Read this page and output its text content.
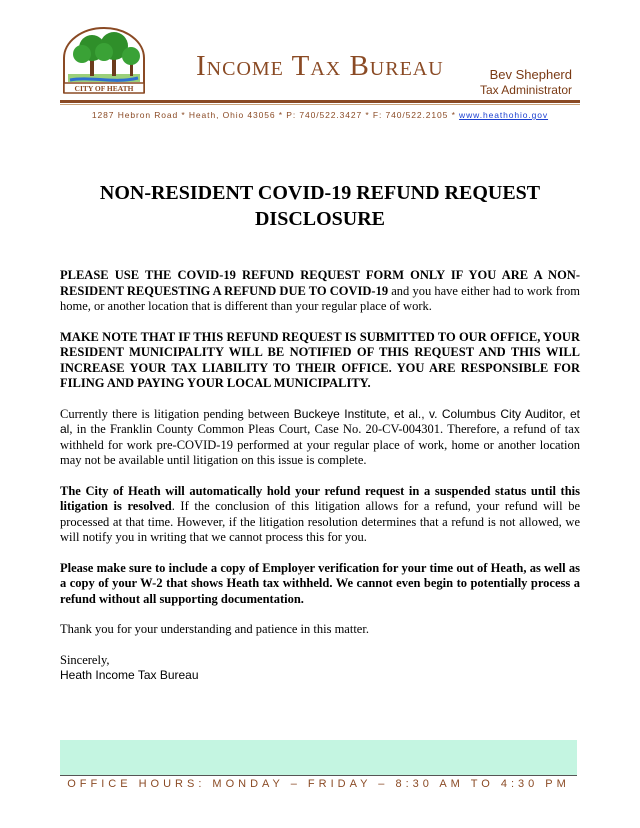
CITY OF HEATH
Income Tax Bureau	Bev Shepherd
Tax Administrator
1287 Hebron Road * Heath, Ohio 43056 * P: 740/522.3427 * F: 740/522.2105 * www.heathohio.gov
NON-RESIDENT COVID-19 REFUND REQUEST
DISCLOSURE

PLEASE USE THE COVID-19 REFUND REQUEST FORM ONLY IF YOU ARE A NON-RESIDENT REQUESTING A REFUND DUE TO COVID-19 and you have either had to work from home, or another location that is different than your regular place of work.

MAKE NOTE THAT IF THIS REFUND REQUEST IS SUBMITTED TO OUR OFFICE, YOUR RESIDENT MUNICIPALITY WILL BE NOTIFIED OF THIS REQUEST AND THIS WILL INCREASE YOUR TAX LIABILITY TO THEIR OFFICE. YOU ARE RESPONSIBLE FOR FILING AND PAYING YOUR LOCAL MUNICIPALITY.

Currently there is litigation pending between Buckeye Institute, et al., v. Columbus City Auditor, et al, in the Franklin County Common Pleas Court, Case No. 20-CV-004301. Therefore, a refund of tax withheld for work pre-COVID-19 performed at your regular place of work, home or another location may not be available until litigation on this issue is complete.

The City of Heath will automatically hold your refund request in a suspended status until this litigation is resolved. If the conclusion of this litigation allows for a refund, your refund will be processed at that time. However, if the litigation resolution determines that a refund is not allowed, we will notify you in writing that we cannot process this for you.

Please make sure to include a copy of Employer verification for your time out of Heath, as well as a copy of your W-2 that shows Heath tax withheld. We cannot even begin to potentially process a refund without all supporting documentation.

Thank you for your understanding and patience in this matter.

Sincerely,
Heath Income Tax Bureau
OFFICE HOURS: MONDAY – FRIDAY – 8:30 AM TO 4:30 PM
